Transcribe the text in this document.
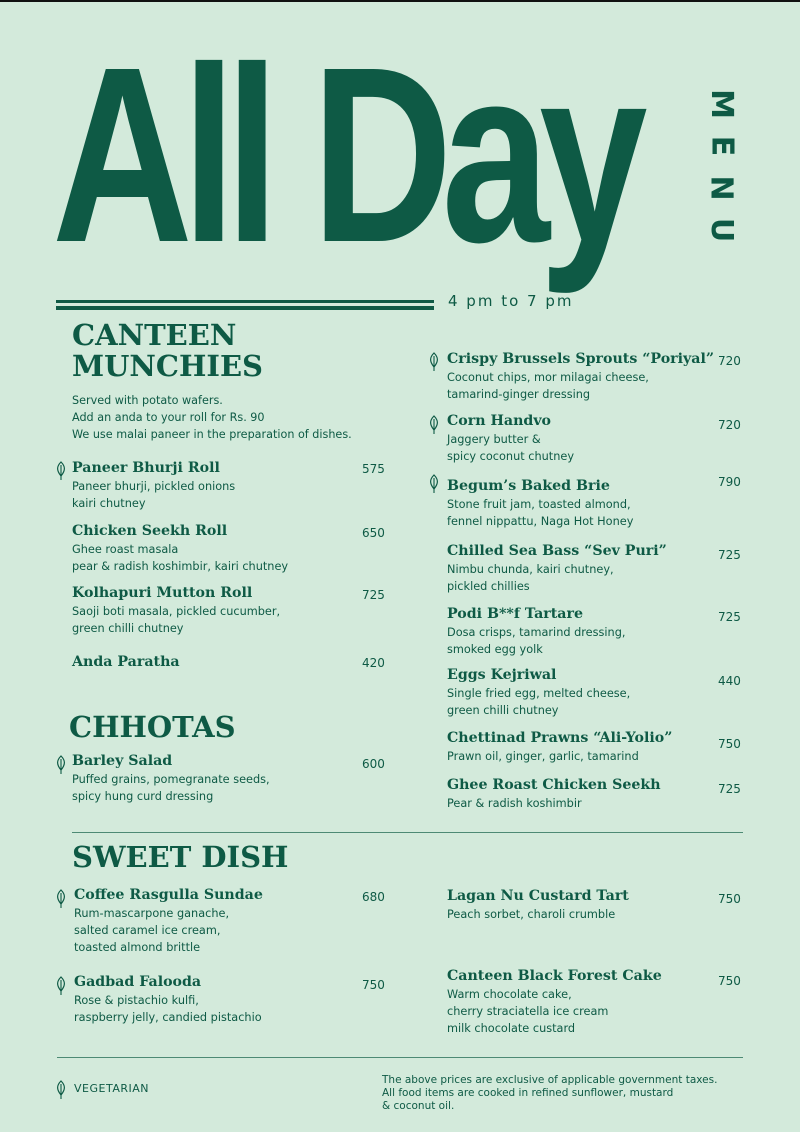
All Day M
E
N
U
4 pm to 7 pm
CANTEEN
MUNCHIES
Served with potato wafers.
Add an anda to your roll for Rs. 90
We use malai paneer in the preparation of dishes.
Paneer Bhurji Roll
Paneer bhurji, pickled onions
kairi chutney
575
Chicken Seekh Roll
Ghee roast masala
pear & radish koshimbir, kairi chutney
650
Kolhapuri Mutton Roll
Saoji boti masala, pickled cucumber,
green chilli chutney
725
Anda Paratha	420
CHHOTAS
Barley Salad
Puffed grains, pomegranate seeds,
spicy hung curd dressing
600
Crispy Brussels Sprouts “Poriyal”
Coconut chips, mor milagai cheese,
tamarind-ginger dressing
720
Corn Handvo
Jaggery butter &
spicy coconut chutney
720
Begum’s Baked Brie
Stone fruit jam, toasted almond,
fennel nippattu, Naga Hot Honey
790
Chilled Sea Bass “Sev Puri”
Nimbu chunda, kairi chutney,
pickled chillies
725
Podi B**f Tartare
Dosa crisps, tamarind dressing,
smoked egg yolk
725
Eggs Kejriwal
Single fried egg, melted cheese,
green chilli chutney
440
Chettinad Prawns “Ali-Yolio”
Prawn oil, ginger, garlic, tamarind
750
Ghee Roast Chicken Seekh
Pear & radish koshimbir
725
SWEET DISH
Coffee Rasgulla Sundae
Rum-mascarpone ganache,
salted caramel ice cream,
toasted almond brittle
680
Gadbad Falooda
Rose & pistachio kulfi,
raspberry jelly, candied pistachio
750
Lagan Nu Custard Tart
Peach sorbet, charoli crumble
750
Canteen Black Forest Cake
Warm chocolate cake,
cherry straciatella ice cream
milk chocolate custard
750
VEGETARIAN
The above prices are exclusive of applicable government taxes.
All food items are cooked in refined sunflower, mustard
& coconut oil.
